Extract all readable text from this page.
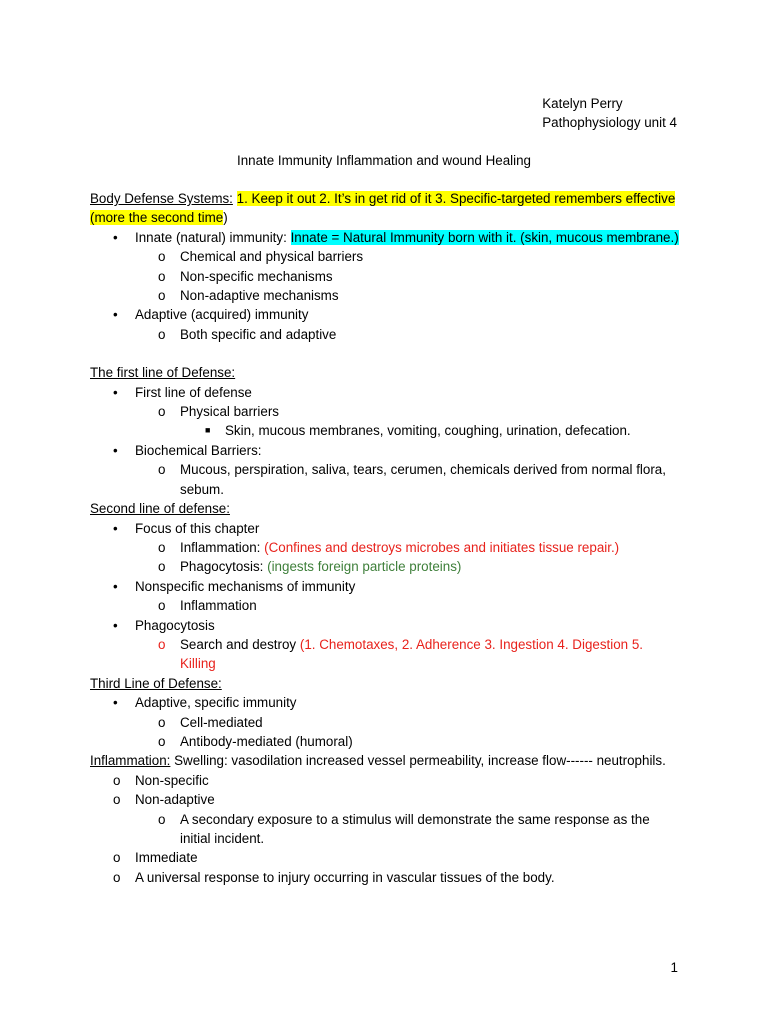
Katelyn Perry
Pathophysiology unit 4
Innate Immunity Inflammation and wound Healing
Body Defense Systems: 1. Keep it out 2. It’s in get rid of it 3. Specific-targeted remembers effective (more the second time)
• Innate (natural) immunity: Innate = Natural Immunity born with it. (skin, mucous membrane.)
o Chemical and physical barriers
o Non-specific mechanisms
o Non-adaptive mechanisms
• Adaptive (acquired) immunity
o Both specific and adaptive
The first line of Defense:
• First line of defense
o Physical barriers
■ Skin, mucous membranes, vomiting, coughing, urination, defecation.
• Biochemical Barriers:
o Mucous, perspiration, saliva, tears, cerumen, chemicals derived from normal flora, sebum.
Second line of defense:
• Focus of this chapter
o Inflammation: (Confines and destroys microbes and initiates tissue repair.)
o Phagocytosis: (ingests foreign particle proteins)
• Nonspecific mechanisms of immunity
o Inflammation
• Phagocytosis
o Search and destroy (1. Chemotaxes, 2. Adherence 3. Ingestion 4. Digestion 5. Killing
Third Line of Defense:
• Adaptive, specific immunity
o Cell-mediated
o Antibody-mediated (humoral)
Inflammation: Swelling: vasodilation increased vessel permeability, increase flow------ neutrophils.
o Non-specific
o Non-adaptive
o A secondary exposure to a stimulus will demonstrate the same response as the initial incident.
o Immediate
o A universal response to injury occurring in vascular tissues of the body.
1
